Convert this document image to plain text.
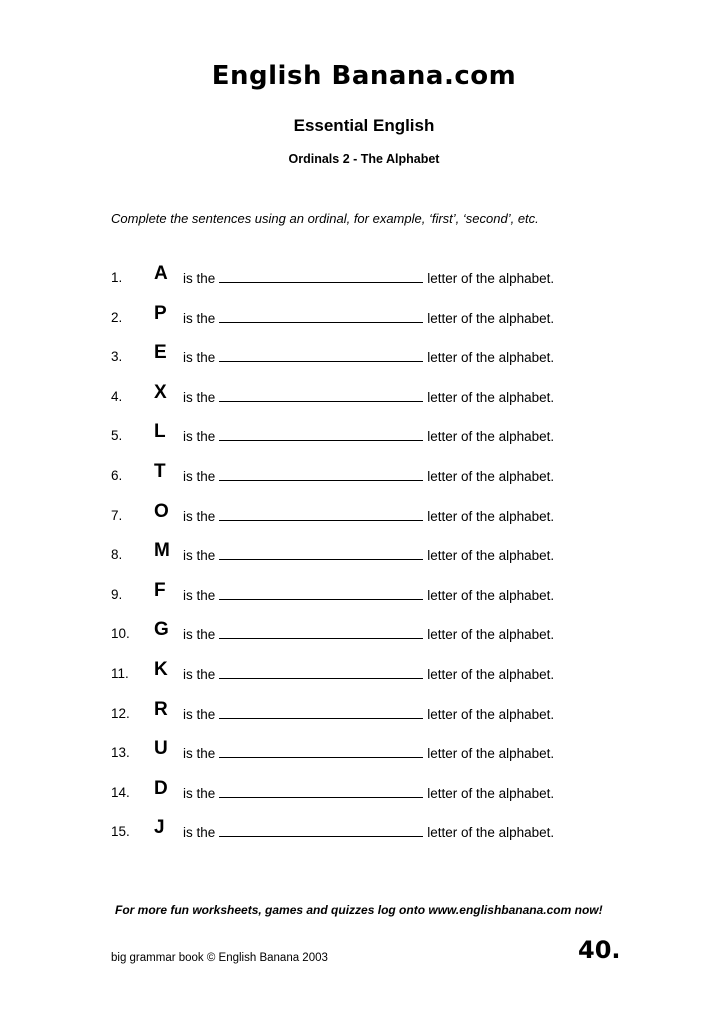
English Banana.com
Essential English
Ordinals 2 - The Alphabet
Complete the sentences using an ordinal, for example, ‘first’, ‘second’, etc.
1.	A is the	letter of the alphabet.
2.	P is the	letter of the alphabet.
3.	E is the	letter of the alphabet.
4.	X is the	letter of the alphabet.
5.	L is the	letter of the alphabet.
6.	T is the	letter of the alphabet.
7.	O is the	letter of the alphabet.
8.	M is the	letter of the alphabet.
9.	F is the	letter of the alphabet.
10.	G is the	letter of the alphabet.
11.	K is the	letter of the alphabet.
12.	R is the	letter of the alphabet.
13.	U is the	letter of the alphabet.
14.	D is the	letter of the alphabet.
15.	J is the	letter of the alphabet.
For more fun worksheets, games and quizzes log onto www.englishbanana.com now!
big grammar book © English Banana 2003	40.
